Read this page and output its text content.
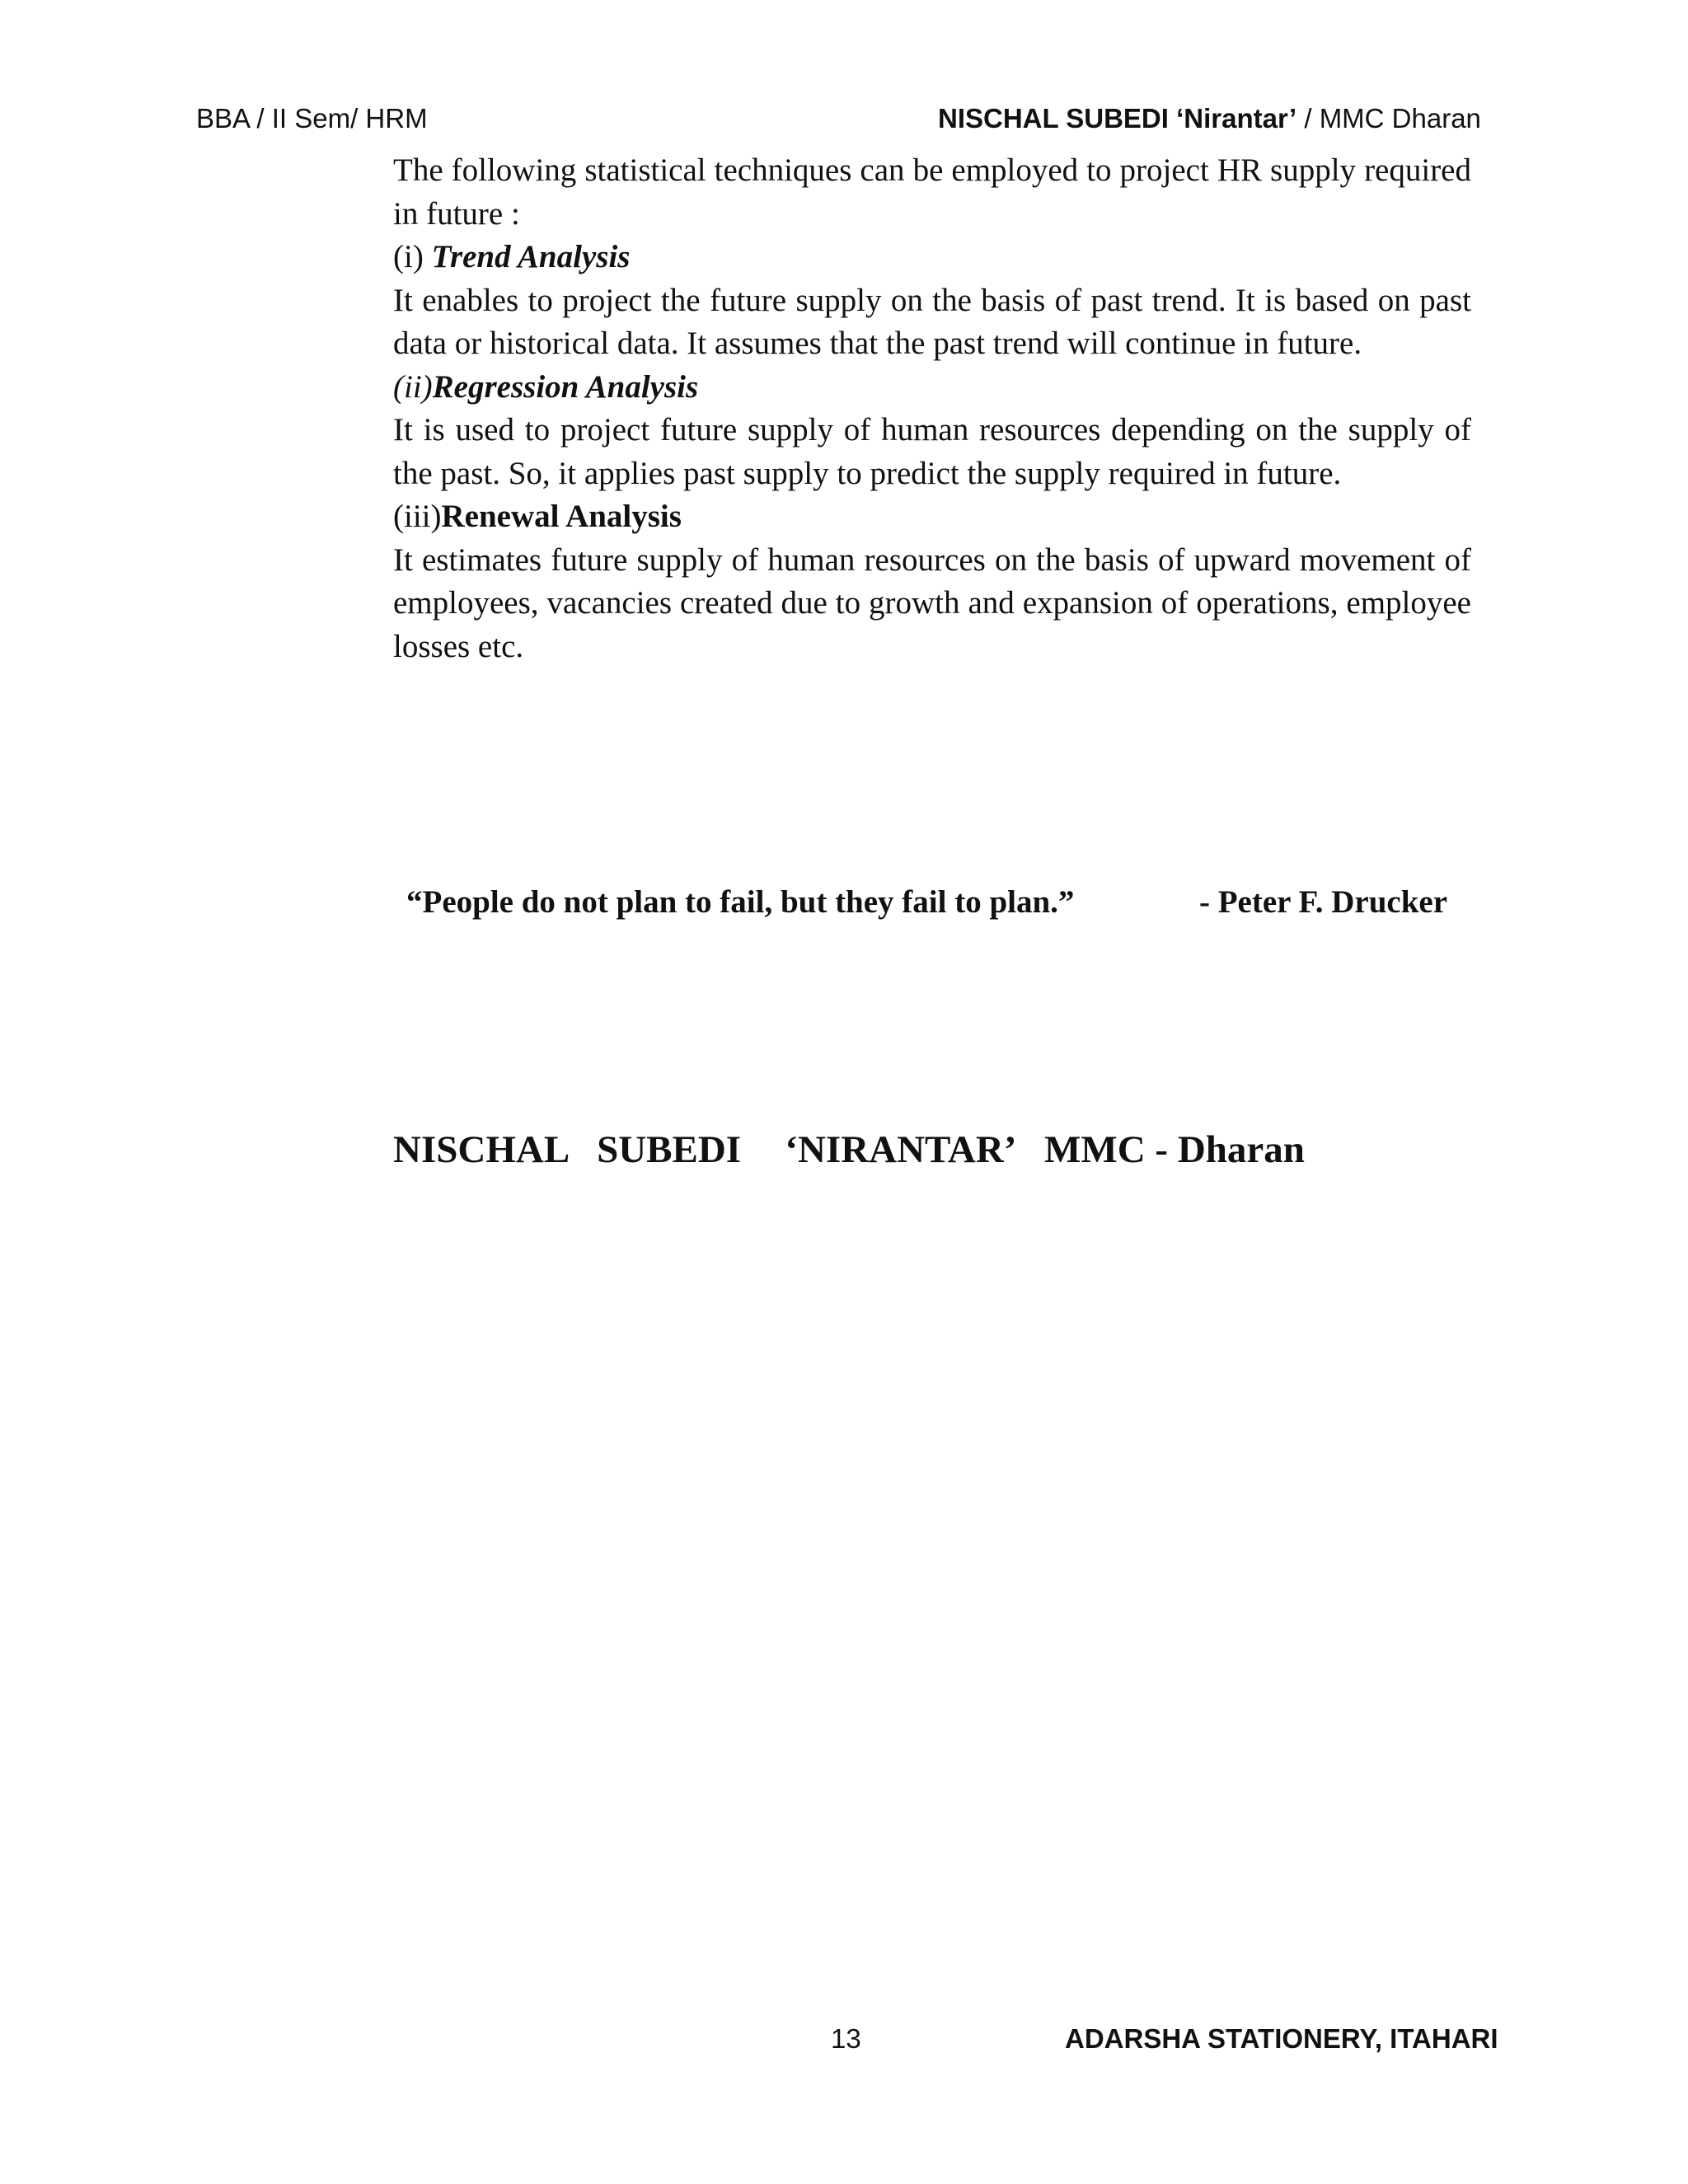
BBA / II Sem/ HRM	NISCHAL SUBEDI ‘Nirantar’ / MMC Dharan

The following statistical techniques can be employed to project HR supply required in future :

(i) Trend Analysis

It enables to project the future supply on the basis of past trend. It is based on past data or historical data. It assumes that the past trend will continue in future.

(ii)Regression Analysis

It is used to project future supply of human resources depending on the supply of the past. So, it applies past supply to predict the supply required in future.

(iii)Renewal Analysis

It estimates future supply of human resources on the basis of upward movement of employees, vacancies created due to growth and expansion of operations, employee losses etc.

“People do not plan to fail, but they fail to plan.”	- Peter F. Drucker
NISCHAL  SUBEDI   ‘NIRANTAR’ MMC - Dharan
13	ADARSHA STATIONERY, ITAHARI
